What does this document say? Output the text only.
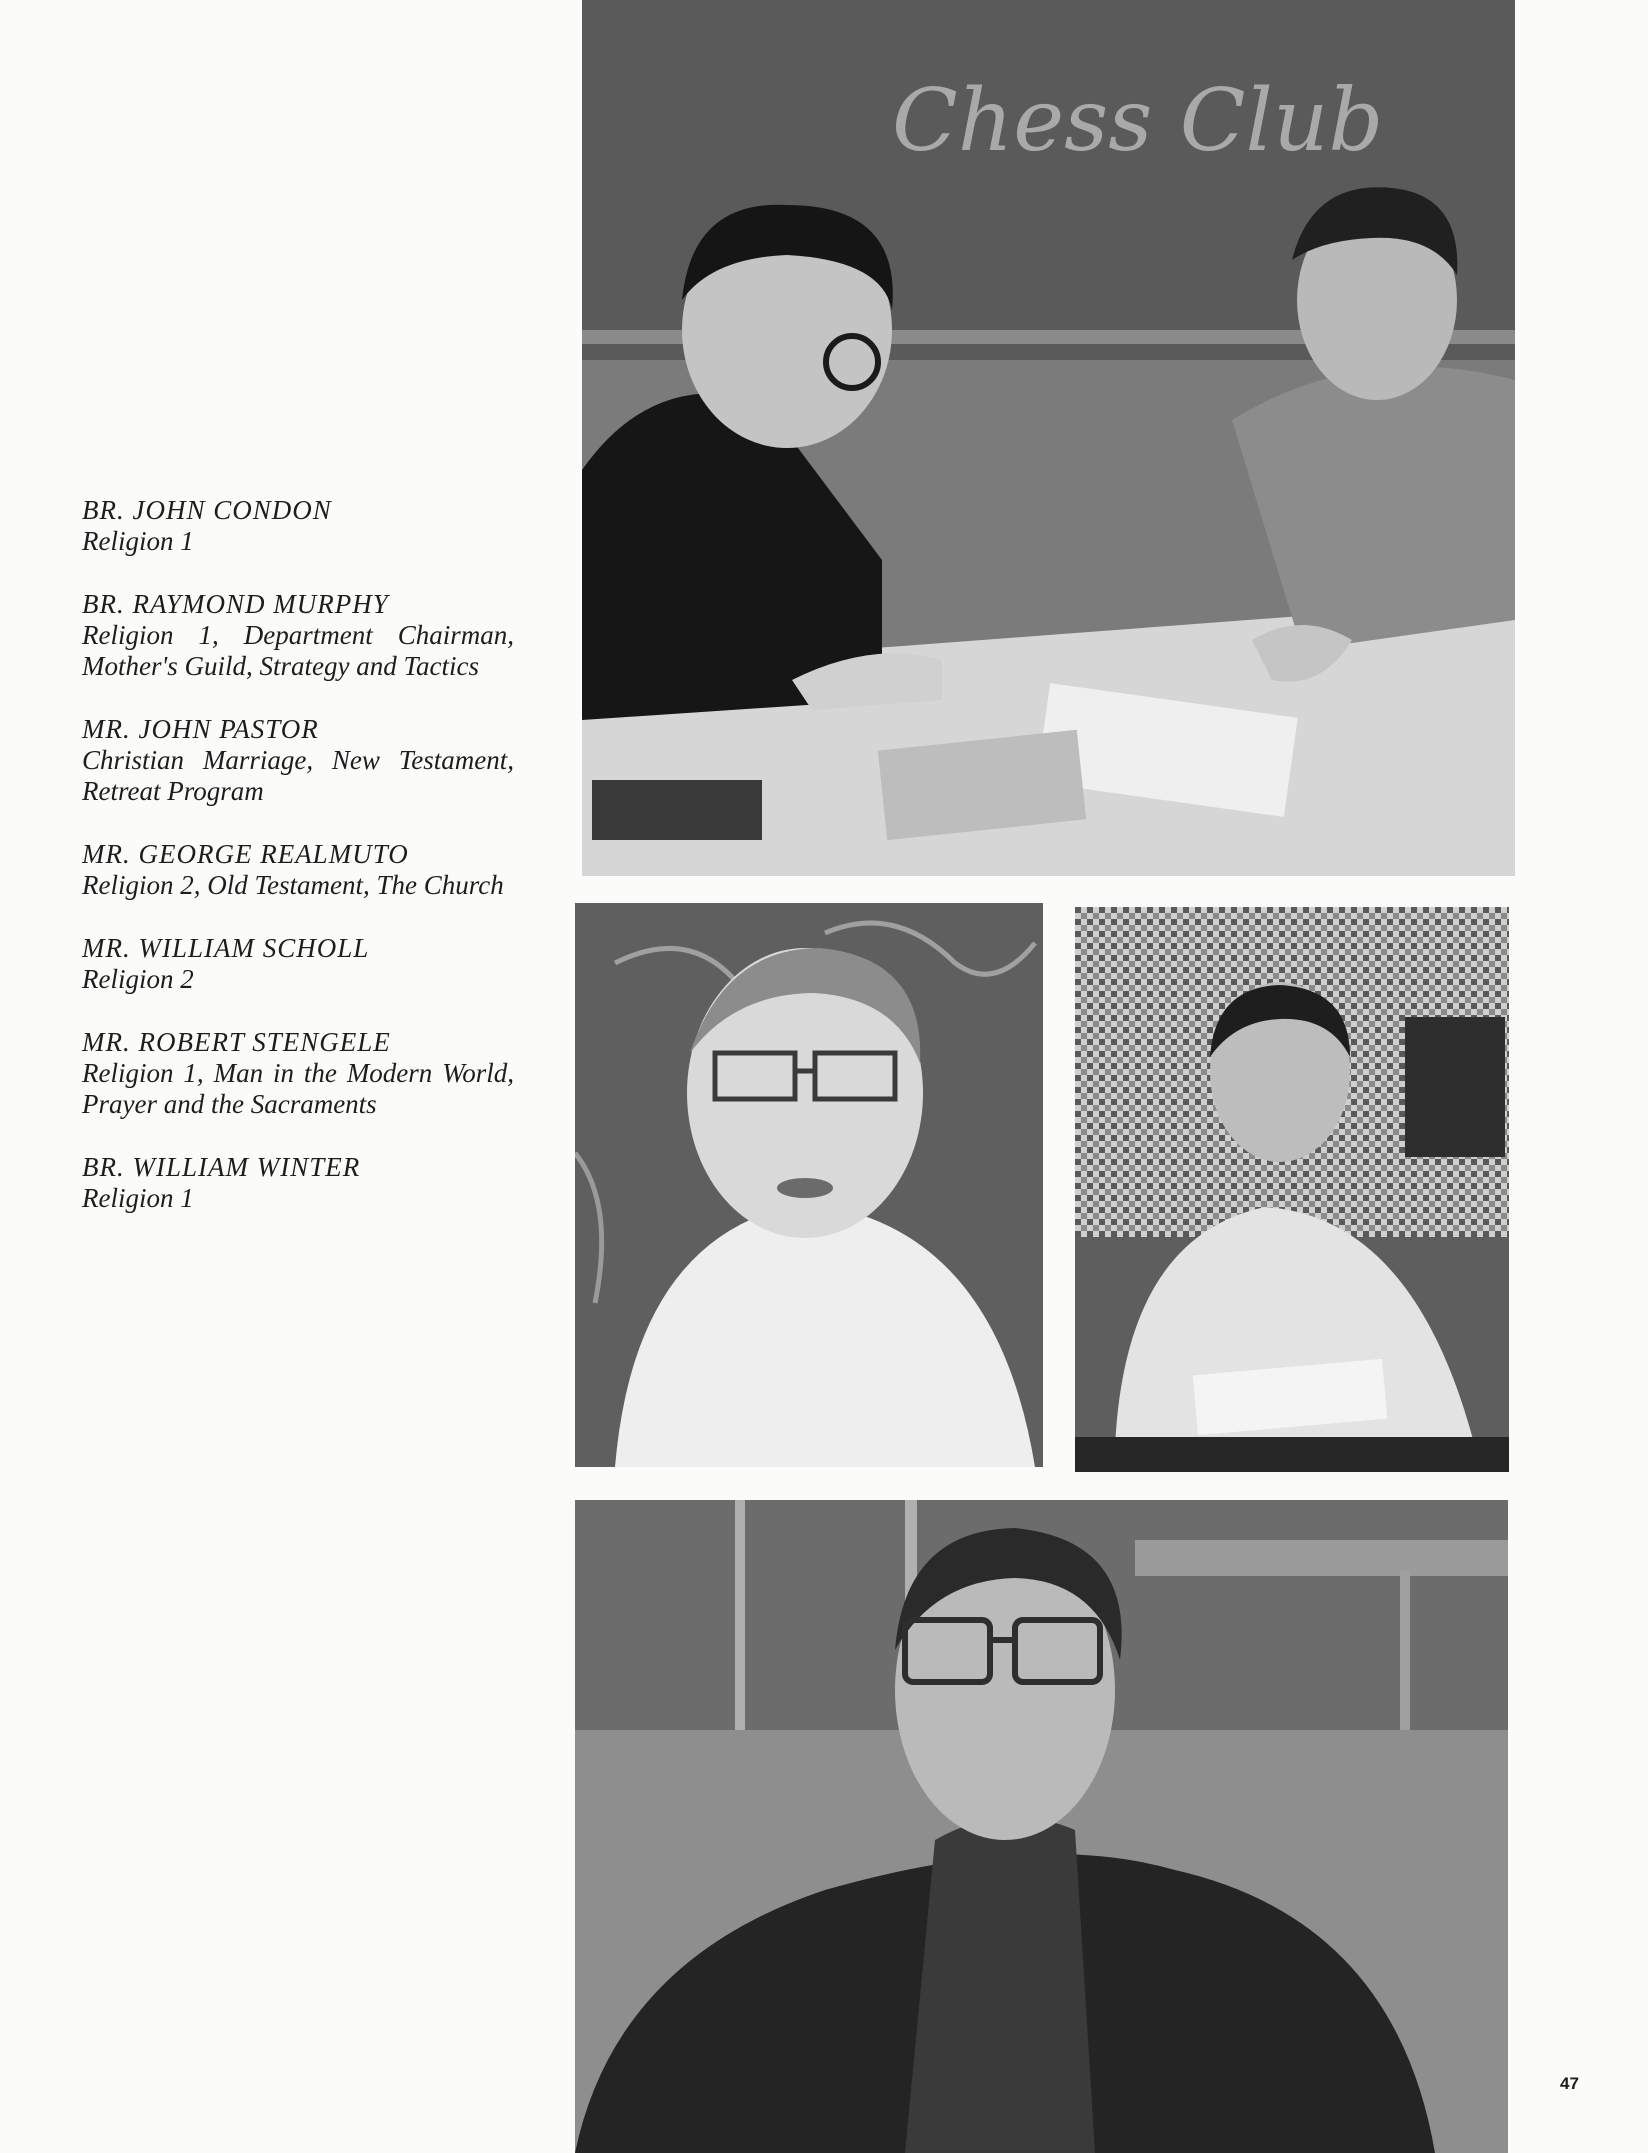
BR. JOHN CONDON
Religion 1
BR. RAYMOND MURPHY
Religion 1, Department Chairman, Mother's Guild, Strategy and Tactics
MR. JOHN PASTOR
Christian Marriage, New Testament, Retreat Program
MR. GEORGE REALMUTO
Religion 2, Old Testament, The Church
MR. WILLIAM SCHOLL
Religion 2
MR. ROBERT STENGELE
Religion 1, Man in the Modern World, Prayer and the Sacraments
BR. WILLIAM WINTER
Religion 1
Chess Club
47
